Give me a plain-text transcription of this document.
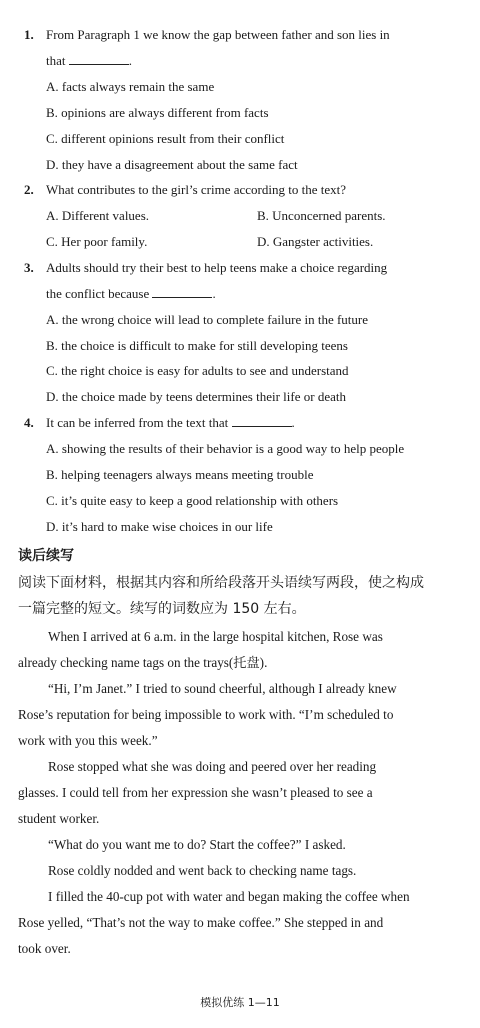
1. From Paragraph 1 we know the gap between father and son lies in
that	.
A. facts always remain the same
B. opinions are always different from facts
C. different opinions result from their conflict
D. they have a disagreement about the same fact
2. What contributes to the girl’s crime according to the text?
A. Different values.	B. Unconcerned parents.
C. Her poor family.	D. Gangster activities.
3. Adults should try their best to help teens make a choice regarding
the conflict because	.
A. the wrong choice will lead to complete failure in the future
B. the choice is difficult to make for still developing teens
C. the right choice is easy for adults to see and understand
D. the choice made by teens determines their life or death
4. It can be inferred from the text that	.
A. showing the results of their behavior is a good way to help people
B. helping teenagers always means meeting trouble
C. it’s quite easy to keep a good relationship with others
D. it’s hard to make wise choices in our life
读后续写
阅读下面材料，根据其内容和所给段落开头语续写两段，使之构成
一篇完整的短文。续写的词数应为 150 左右。
When I arrived at 6 a.m. in the large hospital kitchen, Rose was
already checking name tags on the trays(托盘).
“Hi, I’m Janet.” I tried to sound cheerful, although I already knew
Rose’s reputation for being impossible to work with. “I’m scheduled to
work with you this week.”
Rose stopped what she was doing and peered over her reading
glasses. I could tell from her expression she wasn’t pleased to see a
student worker.
“What do you want me to do? Start the coffee?” I asked.
Rose coldly nodded and went back to checking name tags.
I filled the 40-cup pot with water and began making the coffee when
Rose yelled, “That’s not the way to make coffee.” She stepped in and
took over.
模拟优练 1—11
